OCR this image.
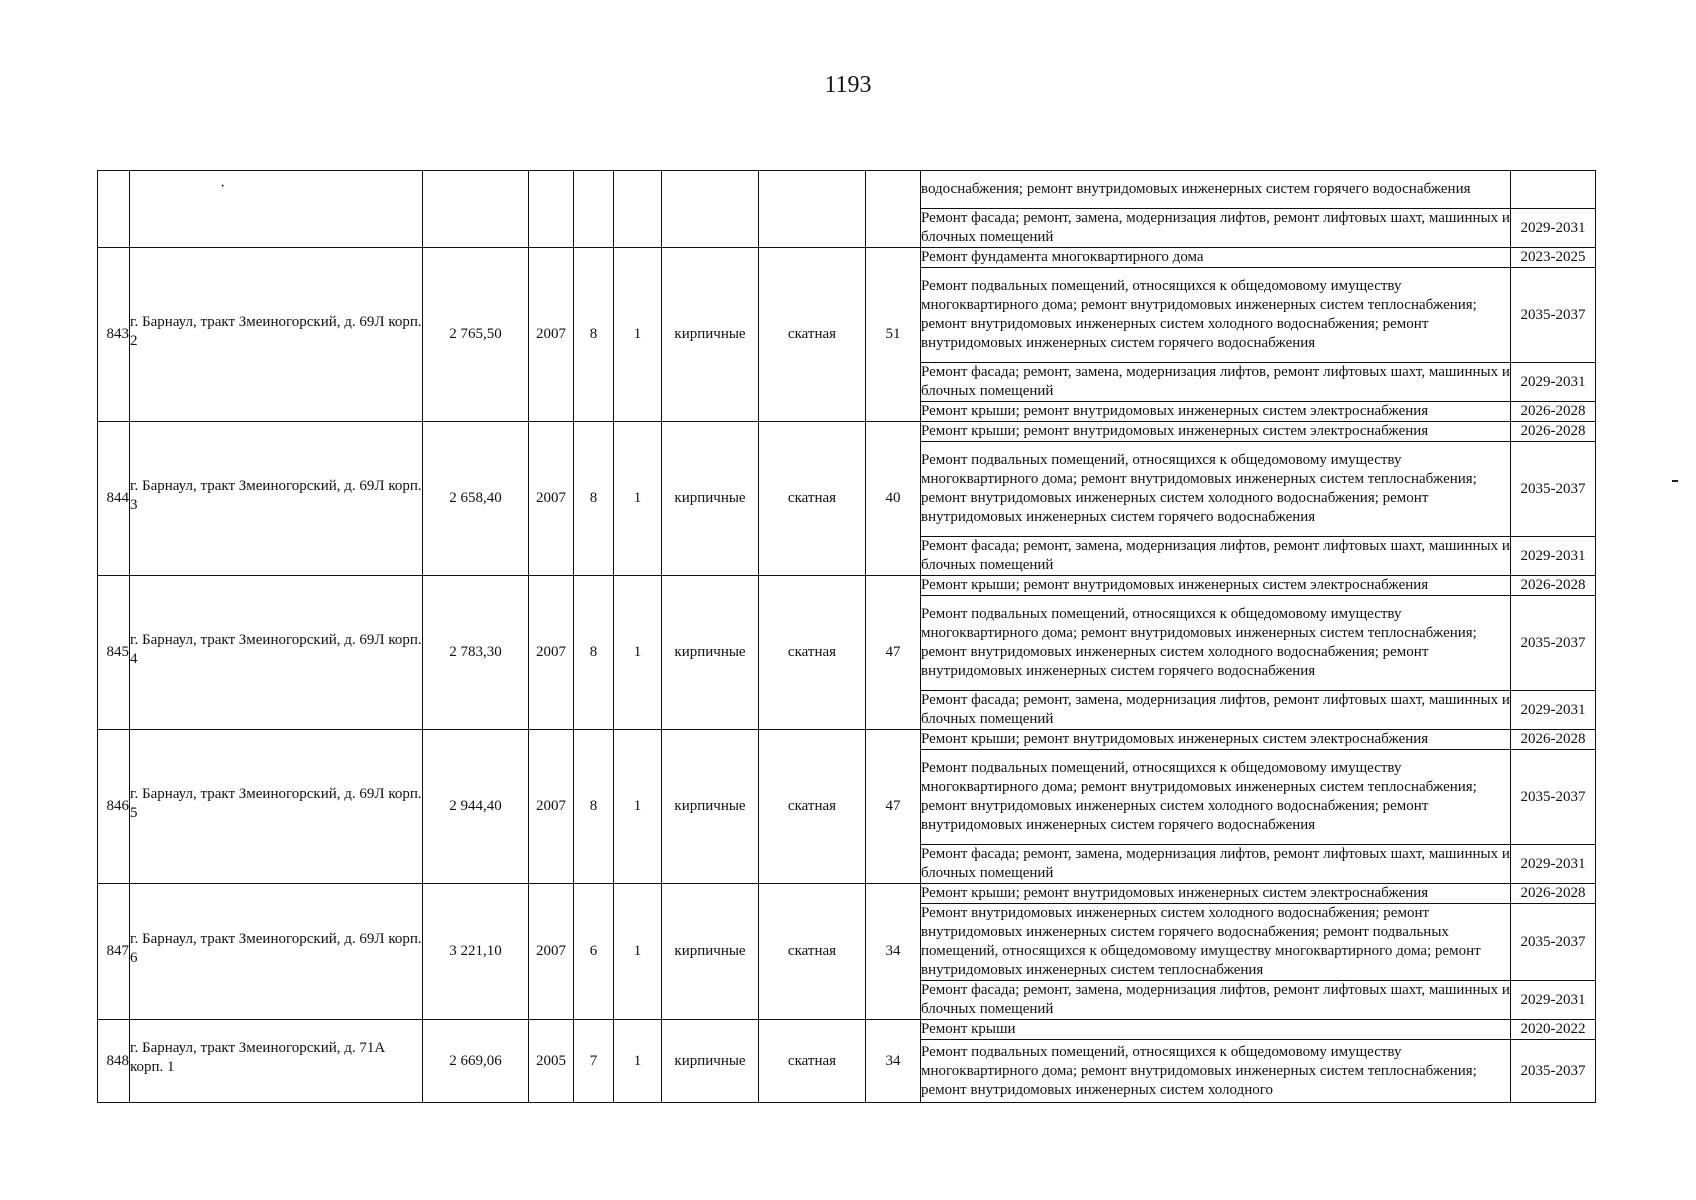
1193

								водоснабжения; ремонт внутридомовых инженерных систем горячего водоснабжения	
									Ремонт фасада; ремонт, замена, модернизация лифтов, ремонт лифтовых шахт, машинных и блочных помещений	2029-2031
843	г. Барнаул, тракт Змеиногорский, д. 69Л корп. 2	2 765,50	2007	8	1	кирпичные	скатная	51	Ремонт фундамента многоквартирного дома	2023-2025
									Ремонт подвальных помещений, относящихся к общедомовому имуществу многоквартирного дома; ремонт внутридомовых инженерных систем теплоснабжения; ремонт внутридомовых инженерных систем холодного водоснабжения; ремонт внутридомовых инженерных систем горячего водоснабжения	2035-2037
									Ремонт фасада; ремонт, замена, модернизация лифтов, ремонт лифтовых шахт, машинных и блочных помещений	2029-2031
									Ремонт крыши; ремонт внутридомовых инженерных систем электроснабжения	2026-2028
844	г. Барнаул, тракт Змеиногорский, д. 69Л корп. 3	2 658,40	2007	8	1	кирпичные	скатная	40	Ремонт крыши; ремонт внутридомовых инженерных систем электроснабжения	2026-2028
									Ремонт подвальных помещений, относящихся к общедомовому имуществу многоквартирного дома; ремонт внутридомовых инженерных систем теплоснабжения; ремонт внутридомовых инженерных систем холодного водоснабжения; ремонт внутридомовых инженерных систем горячего водоснабжения	2035-2037
									Ремонт фасада; ремонт, замена, модернизация лифтов, ремонт лифтовых шахт, машинных и блочных помещений	2029-2031
845	г. Барнаул, тракт Змеиногорский, д. 69Л корп. 4	2 783,30	2007	8	1	кирпичные	скатная	47	Ремонт крыши; ремонт внутридомовых инженерных систем электроснабжения	2026-2028
									Ремонт подвальных помещений, относящихся к общедомовому имуществу многоквартирного дома; ремонт внутридомовых инженерных систем теплоснабжения; ремонт внутридомовых инженерных систем холодного водоснабжения; ремонт внутридомовых инженерных систем горячего водоснабжения	2035-2037
									Ремонт фасада; ремонт, замена, модернизация лифтов, ремонт лифтовых шахт, машинных и блочных помещений	2029-2031
846	г. Барнаул, тракт Змеиногорский, д. 69Л корп. 5	2 944,40	2007	8	1	кирпичные	скатная	47	Ремонт крыши; ремонт внутридомовых инженерных систем электроснабжения	2026-2028
									Ремонт подвальных помещений, относящихся к общедомовому имуществу многоквартирного дома; ремонт внутридомовых инженерных систем теплоснабжения; ремонт внутридомовых инженерных систем холодного водоснабжения; ремонт внутридомовых инженерных систем горячего водоснабжения	2035-2037
									Ремонт фасада; ремонт, замена, модернизация лифтов, ремонт лифтовых шахт, машинных и блочных помещений	2029-2031
847	г. Барнаул, тракт Змеиногорский, д. 69Л корп. 6	3 221,10	2007	6	1	кирпичные	скатная	34	Ремонт крыши; ремонт внутридомовых инженерных систем электроснабжения	2026-2028
									Ремонт внутридомовых инженерных систем холодного водоснабжения; ремонт внутридомовых инженерных систем горячего водоснабжения; ремонт подвальных помещений, относящихся к общедомовому имуществу многоквартирного дома; ремонт внутридомовых инженерных систем теплоснабжения	2035-2037
									Ремонт фасада; ремонт, замена, модернизация лифтов, ремонт лифтовых шахт, машинных и блочных помещений	2029-2031
848	г. Барнаул, тракт Змеиногорский, д. 71А корп. 1	2 669,06	2005	7	1	кирпичные	скатная	34	Ремонт крыши	2020-2022
									Ремонт подвальных помещений, относящихся к общедомовому имуществу многоквартирного дома; ремонт внутридомовых инженерных систем теплоснабжения; ремонт внутридомовых инженерных систем холодного	2035-2037
·
